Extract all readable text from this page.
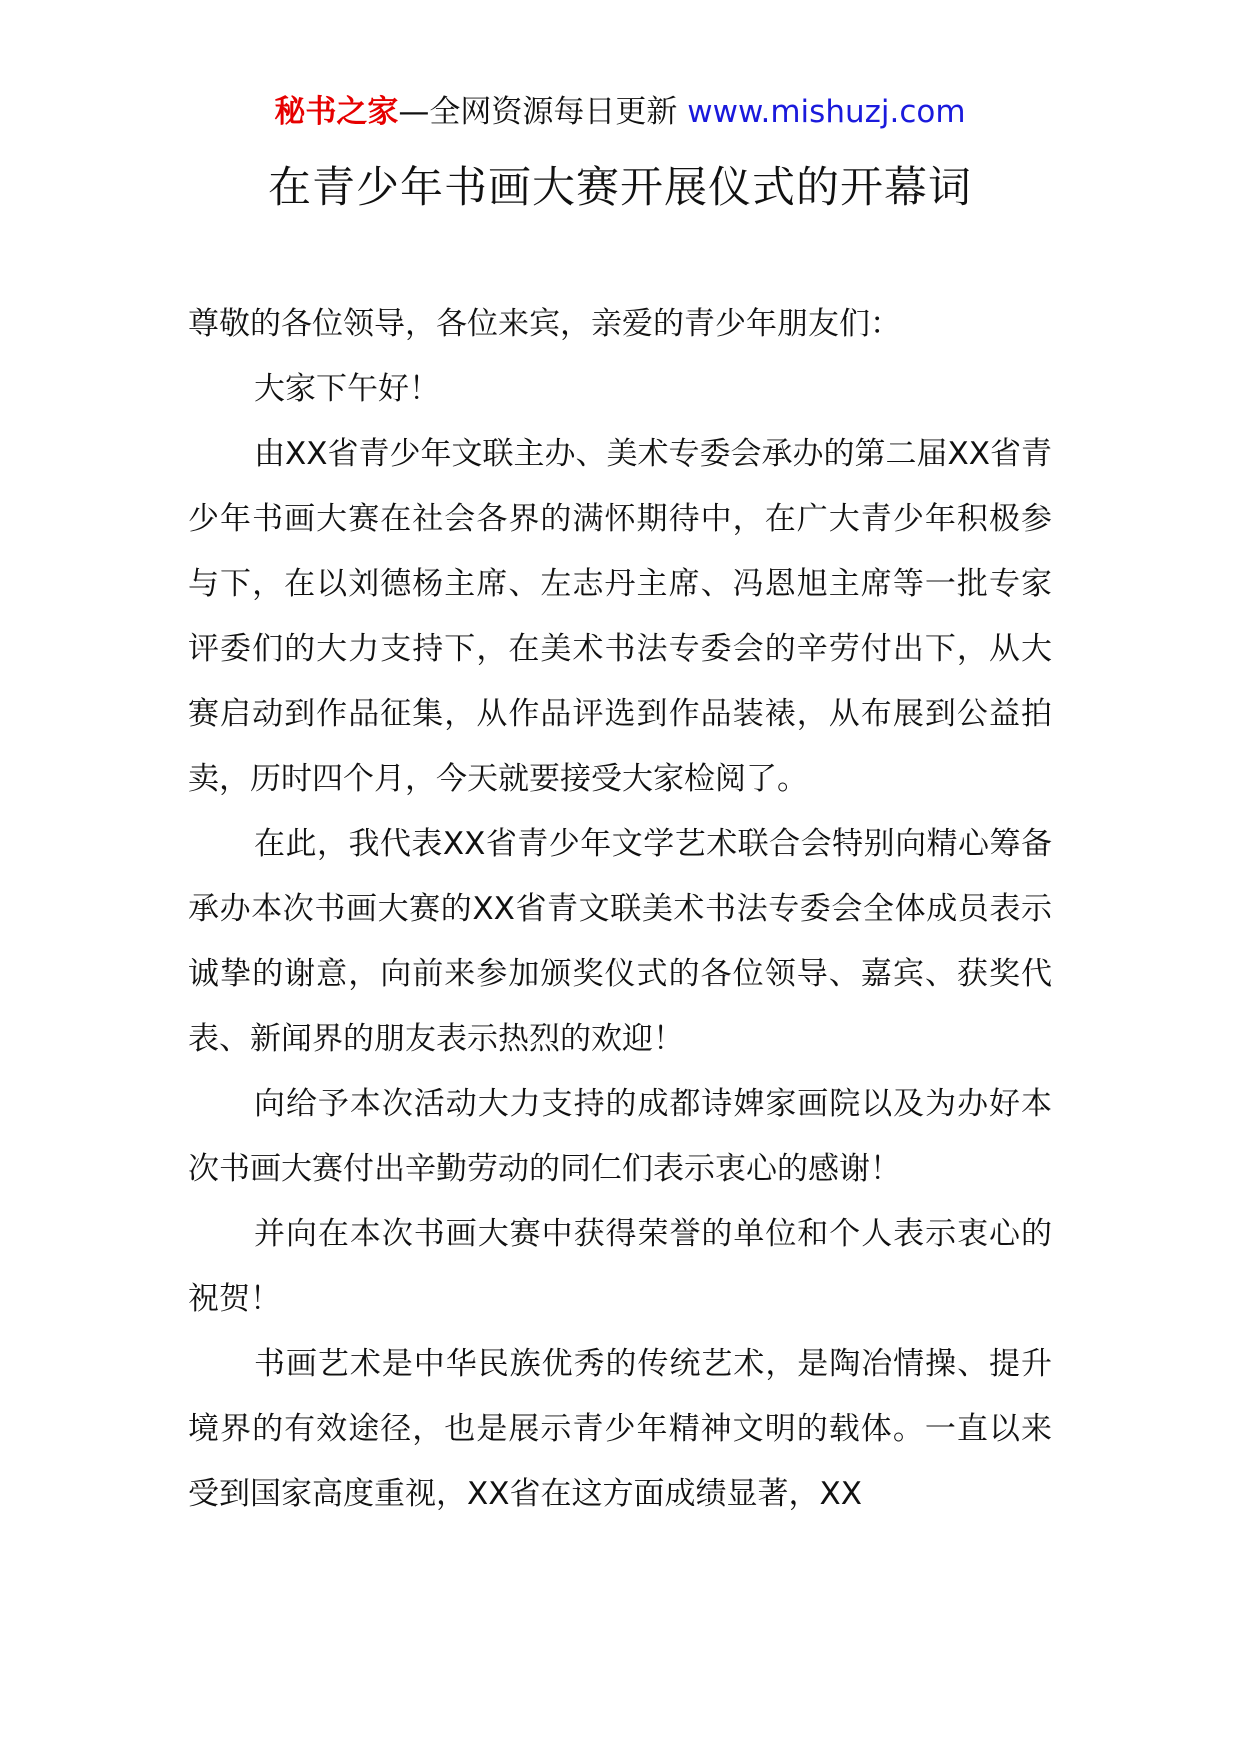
秘书之家—全网资源每日更新 www.mishuzj.com
在青少年书画大赛开展仪式的开幕词

尊敬的各位领导，各位来宾，亲爱的青少年朋友们：

大家下午好！

由XX省青少年文联主办、美术专委会承办的第二届XX省青少年书画大赛在社会各界的满怀期待中，在广大青少年积极参与下，在以刘德杨主席、左志丹主席、冯恩旭主席等一批专家评委们的大力支持下，在美术书法专委会的辛劳付出下，从大赛启动到作品征集，从作品评选到作品装裱，从布展到公益拍卖，历时四个月，今天就要接受大家检阅了。

在此，我代表XX省青少年文学艺术联合会特别向精心筹备承办本次书画大赛的XX省青文联美术书法专委会全体成员表示诚挚的谢意，向前来参加颁奖仪式的各位领导、嘉宾、获奖代表、新闻界的朋友表示热烈的欢迎！

向给予本次活动大力支持的成都诗婢家画院以及为办好本次书画大赛付出辛勤劳动的同仁们表示衷心的感谢！

并向在本次书画大赛中获得荣誉的单位和个人表示衷心的祝贺！

书画艺术是中华民族优秀的传统艺术，是陶冶情操、提升境界的有效途径，也是展示青少年精神文明的载体。一直以来受到国家高度重视，XX省在这方面成绩显著，XX
